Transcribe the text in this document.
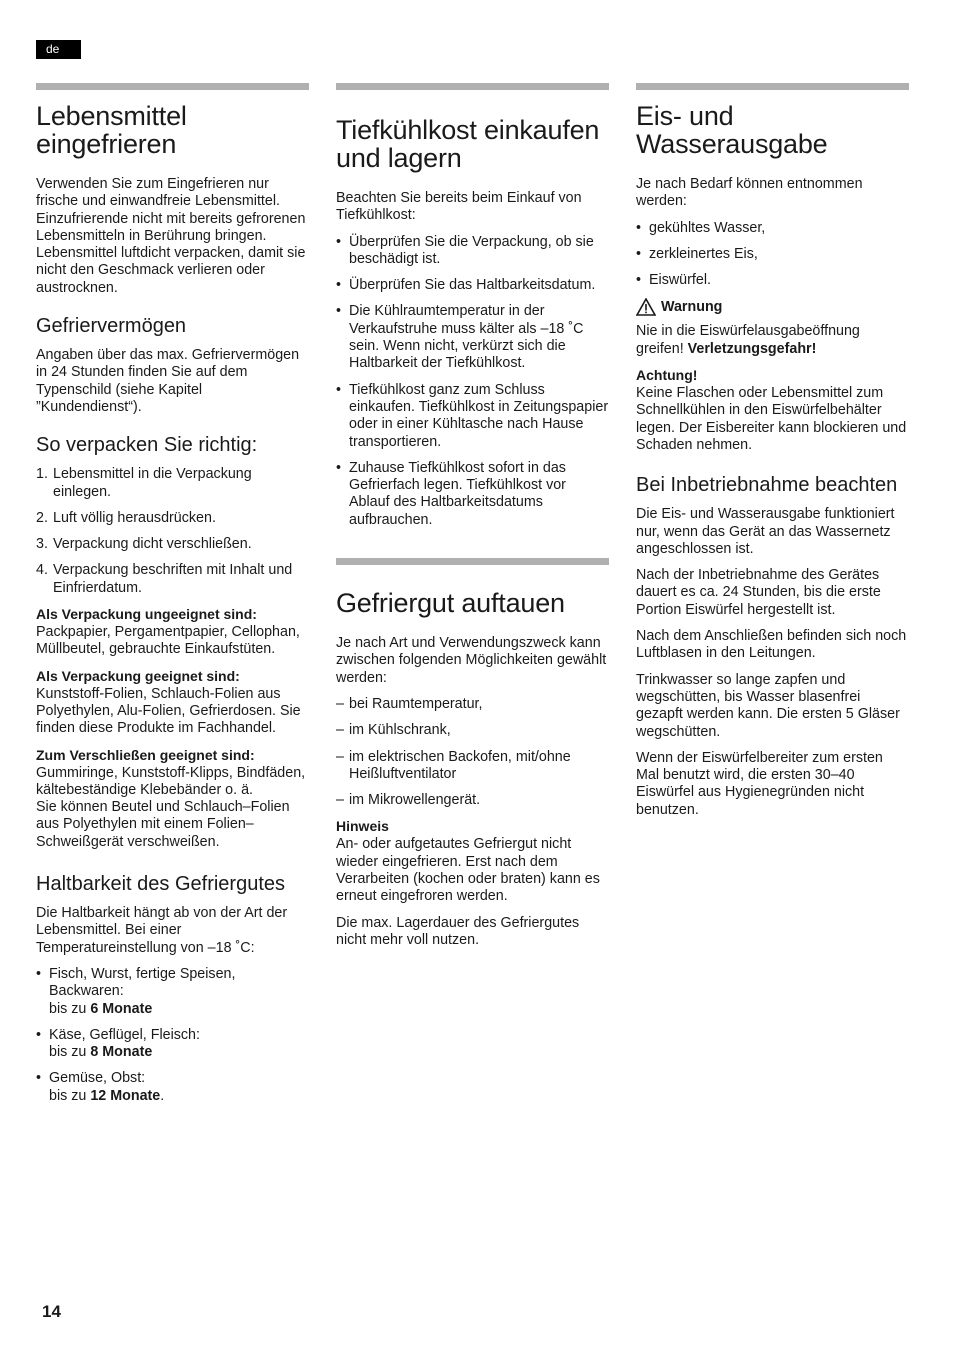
de
Lebensmittel eingefrieren

Verwenden Sie zum Eingefrieren nur frische und einwandfreie Lebensmittel. Einzufrierende nicht mit bereits gefrorenen Lebensmitteln in Berührung bringen. Lebensmittel luftdicht verpacken, damit sie nicht den Geschmack verlieren oder austrocknen.

Gefriervermögen

Angaben über das max. Gefriervermögen in 24 Stunden finden Sie auf dem Typenschild (siehe Kapitel ”Kundendienst“).

So verpacken Sie richtig:
1. Lebensmittel in die Verpackung einlegen.
2. Luft völlig herausdrücken.
3. Verpackung dicht verschließen.
4. Verpackung beschriften mit Inhalt und Einfrierdatum.
Als Verpackung ungeeignet sind:

Packpapier, Pergamentpapier, Cellophan, Müllbeutel, gebrauchte Einkaufstüten.

Als Verpackung geeignet sind:

Kunststoff-Folien, Schlauch-Folien aus Polyethylen, Alu-Folien, Gefrierdosen. Sie finden diese Produkte im Fachhandel.

Zum Verschließen geeignet sind:

Gummiringe, Kunststoff-Klipps, Bindfäden, kältebeständige Klebebänder o. ä.

Sie können Beutel und Schlauch–Folien aus Polyethylen mit einem Folien–Schweißgerät verschweißen.

Haltbarkeit des Gefriergutes

Die Haltbarkeit hängt ab von der Art der Lebensmittel. Bei einer Temperatureinstellung von –18 ˚C:

• Fisch, Wurst, fertige Speisen, Backwaren:
bis zu 6 Monate
• Käse, Geflügel, Fleisch:
bis zu 8 Monate
• Gemüse, Obst:
bis zu 12 Monate.
Tiefkühlkost einkaufen und lagern

Beachten Sie bereits beim Einkauf von Tiefkühlkost:

• Überprüfen Sie die Verpackung, ob sie beschädigt ist.
• Überprüfen Sie das Haltbarkeitsdatum.
• Die Kühlraumtemperatur in der Verkaufstruhe muss kälter als –18 ˚C sein. Wenn nicht, verkürzt sich die Haltbarkeit der Tiefkühlkost.
• Tiefkühlkost ganz zum Schluss einkaufen. Tiefkühlkost in Zeitungspapier oder in einer Kühltasche nach Hause transportieren.
• Zuhause Tiefkühlkost sofort in das Gefrierfach legen. Tiefkühlkost vor Ablauf des Haltbarkeitsdatums aufbrauchen.
Gefriergut auftauen

Je nach Art und Verwendungszweck kann zwischen folgenden Möglichkeiten gewählt werden:

– bei Raumtemperatur,
– im Kühlschrank,
– im elektrischen Backofen, mit/ohne Heißluftventilator
– im Mikrowellengerät.
Hinweis

An- oder aufgetautes Gefriergut nicht wieder eingefrieren. Erst nach dem Verarbeiten (kochen oder braten) kann es erneut eingefroren werden.

Die max. Lagerdauer des Gefriergutes nicht mehr voll nutzen.

Eis- und Wasserausgabe

Je nach Bedarf können entnommen werden:

• gekühltes Wasser,
• zerkleinertes Eis,
• Eiswürfel.
Warnung

Nie in die Eiswürfelausgabeöffnung greifen! Verletzungsgefahr!

Achtung!

Keine Flaschen oder Lebensmittel zum Schnellkühlen in den Eiswürfelbehälter legen. Der Eisbereiter kann blockieren und Schaden nehmen.

Bei Inbetriebnahme beachten

Die Eis- und Wasserausgabe funktioniert nur, wenn das Gerät an das Wassernetz angeschlossen ist.

Nach der Inbetriebnahme des Gerätes dauert es ca. 24 Stunden, bis die erste Portion Eiswürfel hergestellt ist.

Nach dem Anschließen befinden sich noch Luftblasen in den Leitungen.

Trinkwasser so lange zapfen und wegschütten, bis Wasser blasenfrei gezapft werden kann. Die ersten 5 Gläser wegschütten.

Wenn der Eiswürfelbereiter zum ersten Mal benutzt wird, die ersten 30–40 Eiswürfel aus Hygienegründen nicht benutzen.

14
